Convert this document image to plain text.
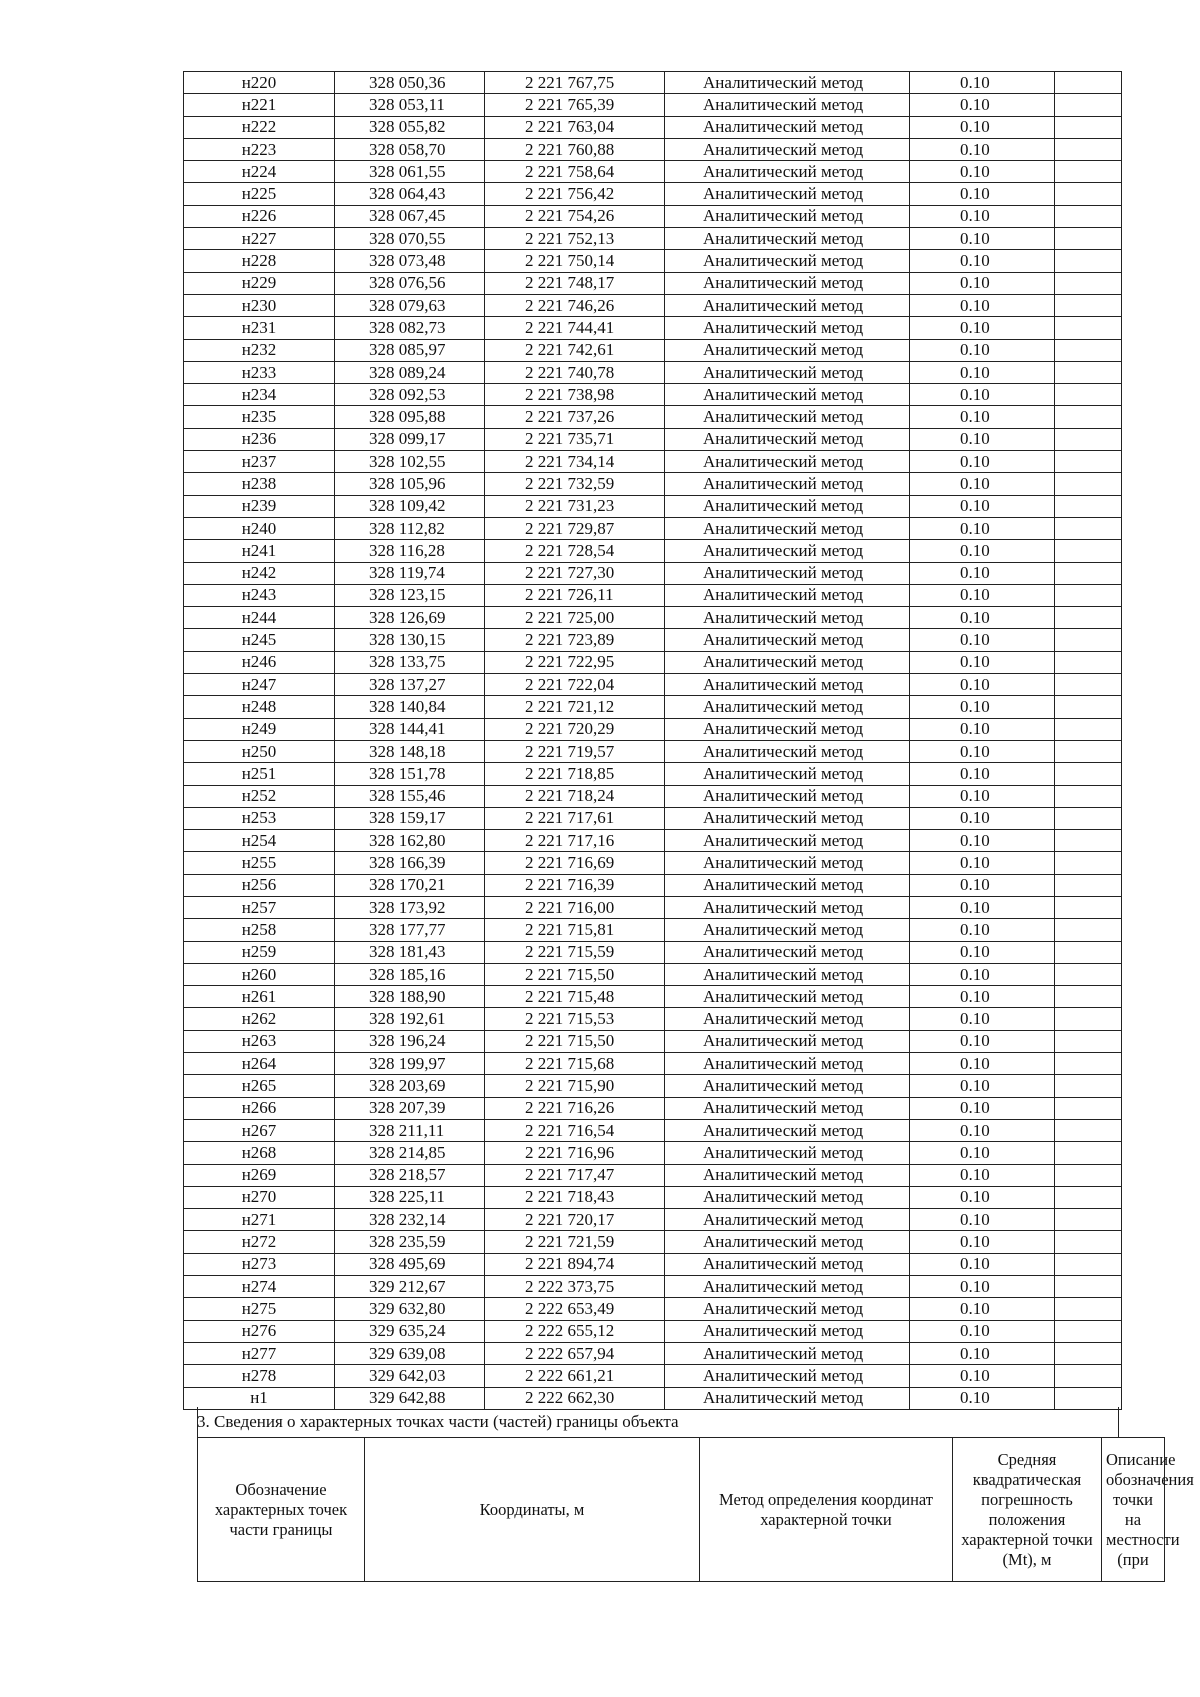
н220	328 050,36	2 221 767,75	Аналитический метод	0.10	
н221	328 053,11	2 221 765,39	Аналитический метод	0.10	
н222	328 055,82	2 221 763,04	Аналитический метод	0.10	
н223	328 058,70	2 221 760,88	Аналитический метод	0.10	
н224	328 061,55	2 221 758,64	Аналитический метод	0.10	
н225	328 064,43	2 221 756,42	Аналитический метод	0.10	
н226	328 067,45	2 221 754,26	Аналитический метод	0.10	
н227	328 070,55	2 221 752,13	Аналитический метод	0.10	
н228	328 073,48	2 221 750,14	Аналитический метод	0.10	
н229	328 076,56	2 221 748,17	Аналитический метод	0.10	
н230	328 079,63	2 221 746,26	Аналитический метод	0.10	
н231	328 082,73	2 221 744,41	Аналитический метод	0.10	
н232	328 085,97	2 221 742,61	Аналитический метод	0.10	
н233	328 089,24	2 221 740,78	Аналитический метод	0.10	
н234	328 092,53	2 221 738,98	Аналитический метод	0.10	
н235	328 095,88	2 221 737,26	Аналитический метод	0.10	
н236	328 099,17	2 221 735,71	Аналитический метод	0.10	
н237	328 102,55	2 221 734,14	Аналитический метод	0.10	
н238	328 105,96	2 221 732,59	Аналитический метод	0.10	
н239	328 109,42	2 221 731,23	Аналитический метод	0.10	
н240	328 112,82	2 221 729,87	Аналитический метод	0.10	
н241	328 116,28	2 221 728,54	Аналитический метод	0.10	
н242	328 119,74	2 221 727,30	Аналитический метод	0.10	
н243	328 123,15	2 221 726,11	Аналитический метод	0.10	
н244	328 126,69	2 221 725,00	Аналитический метод	0.10	
н245	328 130,15	2 221 723,89	Аналитический метод	0.10	
н246	328 133,75	2 221 722,95	Аналитический метод	0.10	
н247	328 137,27	2 221 722,04	Аналитический метод	0.10	
н248	328 140,84	2 221 721,12	Аналитический метод	0.10	
н249	328 144,41	2 221 720,29	Аналитический метод	0.10	
н250	328 148,18	2 221 719,57	Аналитический метод	0.10	
н251	328 151,78	2 221 718,85	Аналитический метод	0.10	
н252	328 155,46	2 221 718,24	Аналитический метод	0.10	
н253	328 159,17	2 221 717,61	Аналитический метод	0.10	
н254	328 162,80	2 221 717,16	Аналитический метод	0.10	
н255	328 166,39	2 221 716,69	Аналитический метод	0.10	
н256	328 170,21	2 221 716,39	Аналитический метод	0.10	
н257	328 173,92	2 221 716,00	Аналитический метод	0.10	
н258	328 177,77	2 221 715,81	Аналитический метод	0.10	
н259	328 181,43	2 221 715,59	Аналитический метод	0.10	
н260	328 185,16	2 221 715,50	Аналитический метод	0.10	
н261	328 188,90	2 221 715,48	Аналитический метод	0.10	
н262	328 192,61	2 221 715,53	Аналитический метод	0.10	
н263	328 196,24	2 221 715,50	Аналитический метод	0.10	
н264	328 199,97	2 221 715,68	Аналитический метод	0.10	
н265	328 203,69	2 221 715,90	Аналитический метод	0.10	
н266	328 207,39	2 221 716,26	Аналитический метод	0.10	
н267	328 211,11	2 221 716,54	Аналитический метод	0.10	
н268	328 214,85	2 221 716,96	Аналитический метод	0.10	
н269	328 218,57	2 221 717,47	Аналитический метод	0.10	
н270	328 225,11	2 221 718,43	Аналитический метод	0.10	
н271	328 232,14	2 221 720,17	Аналитический метод	0.10	
н272	328 235,59	2 221 721,59	Аналитический метод	0.10	
н273	328 495,69	2 221 894,74	Аналитический метод	0.10	
н274	329 212,67	2 222 373,75	Аналитический метод	0.10	
н275	329 632,80	2 222 653,49	Аналитический метод	0.10	
н276	329 635,24	2 222 655,12	Аналитический метод	0.10	
н277	329 639,08	2 222 657,94	Аналитический метод	0.10	
н278	329 642,03	2 222 661,21	Аналитический метод	0.10	
н1	329 642,88	2 222 662,30	Аналитический метод	0.10	
3. Сведения о характерных точках части (частей) границы объекта
Обозначение характерных точек части границы	Координаты, м	Метод определения координат характерной точки	Средняя квадратическая погрешность положения характерной точки (Mt), м	Описание обозначения точки на местности (при
